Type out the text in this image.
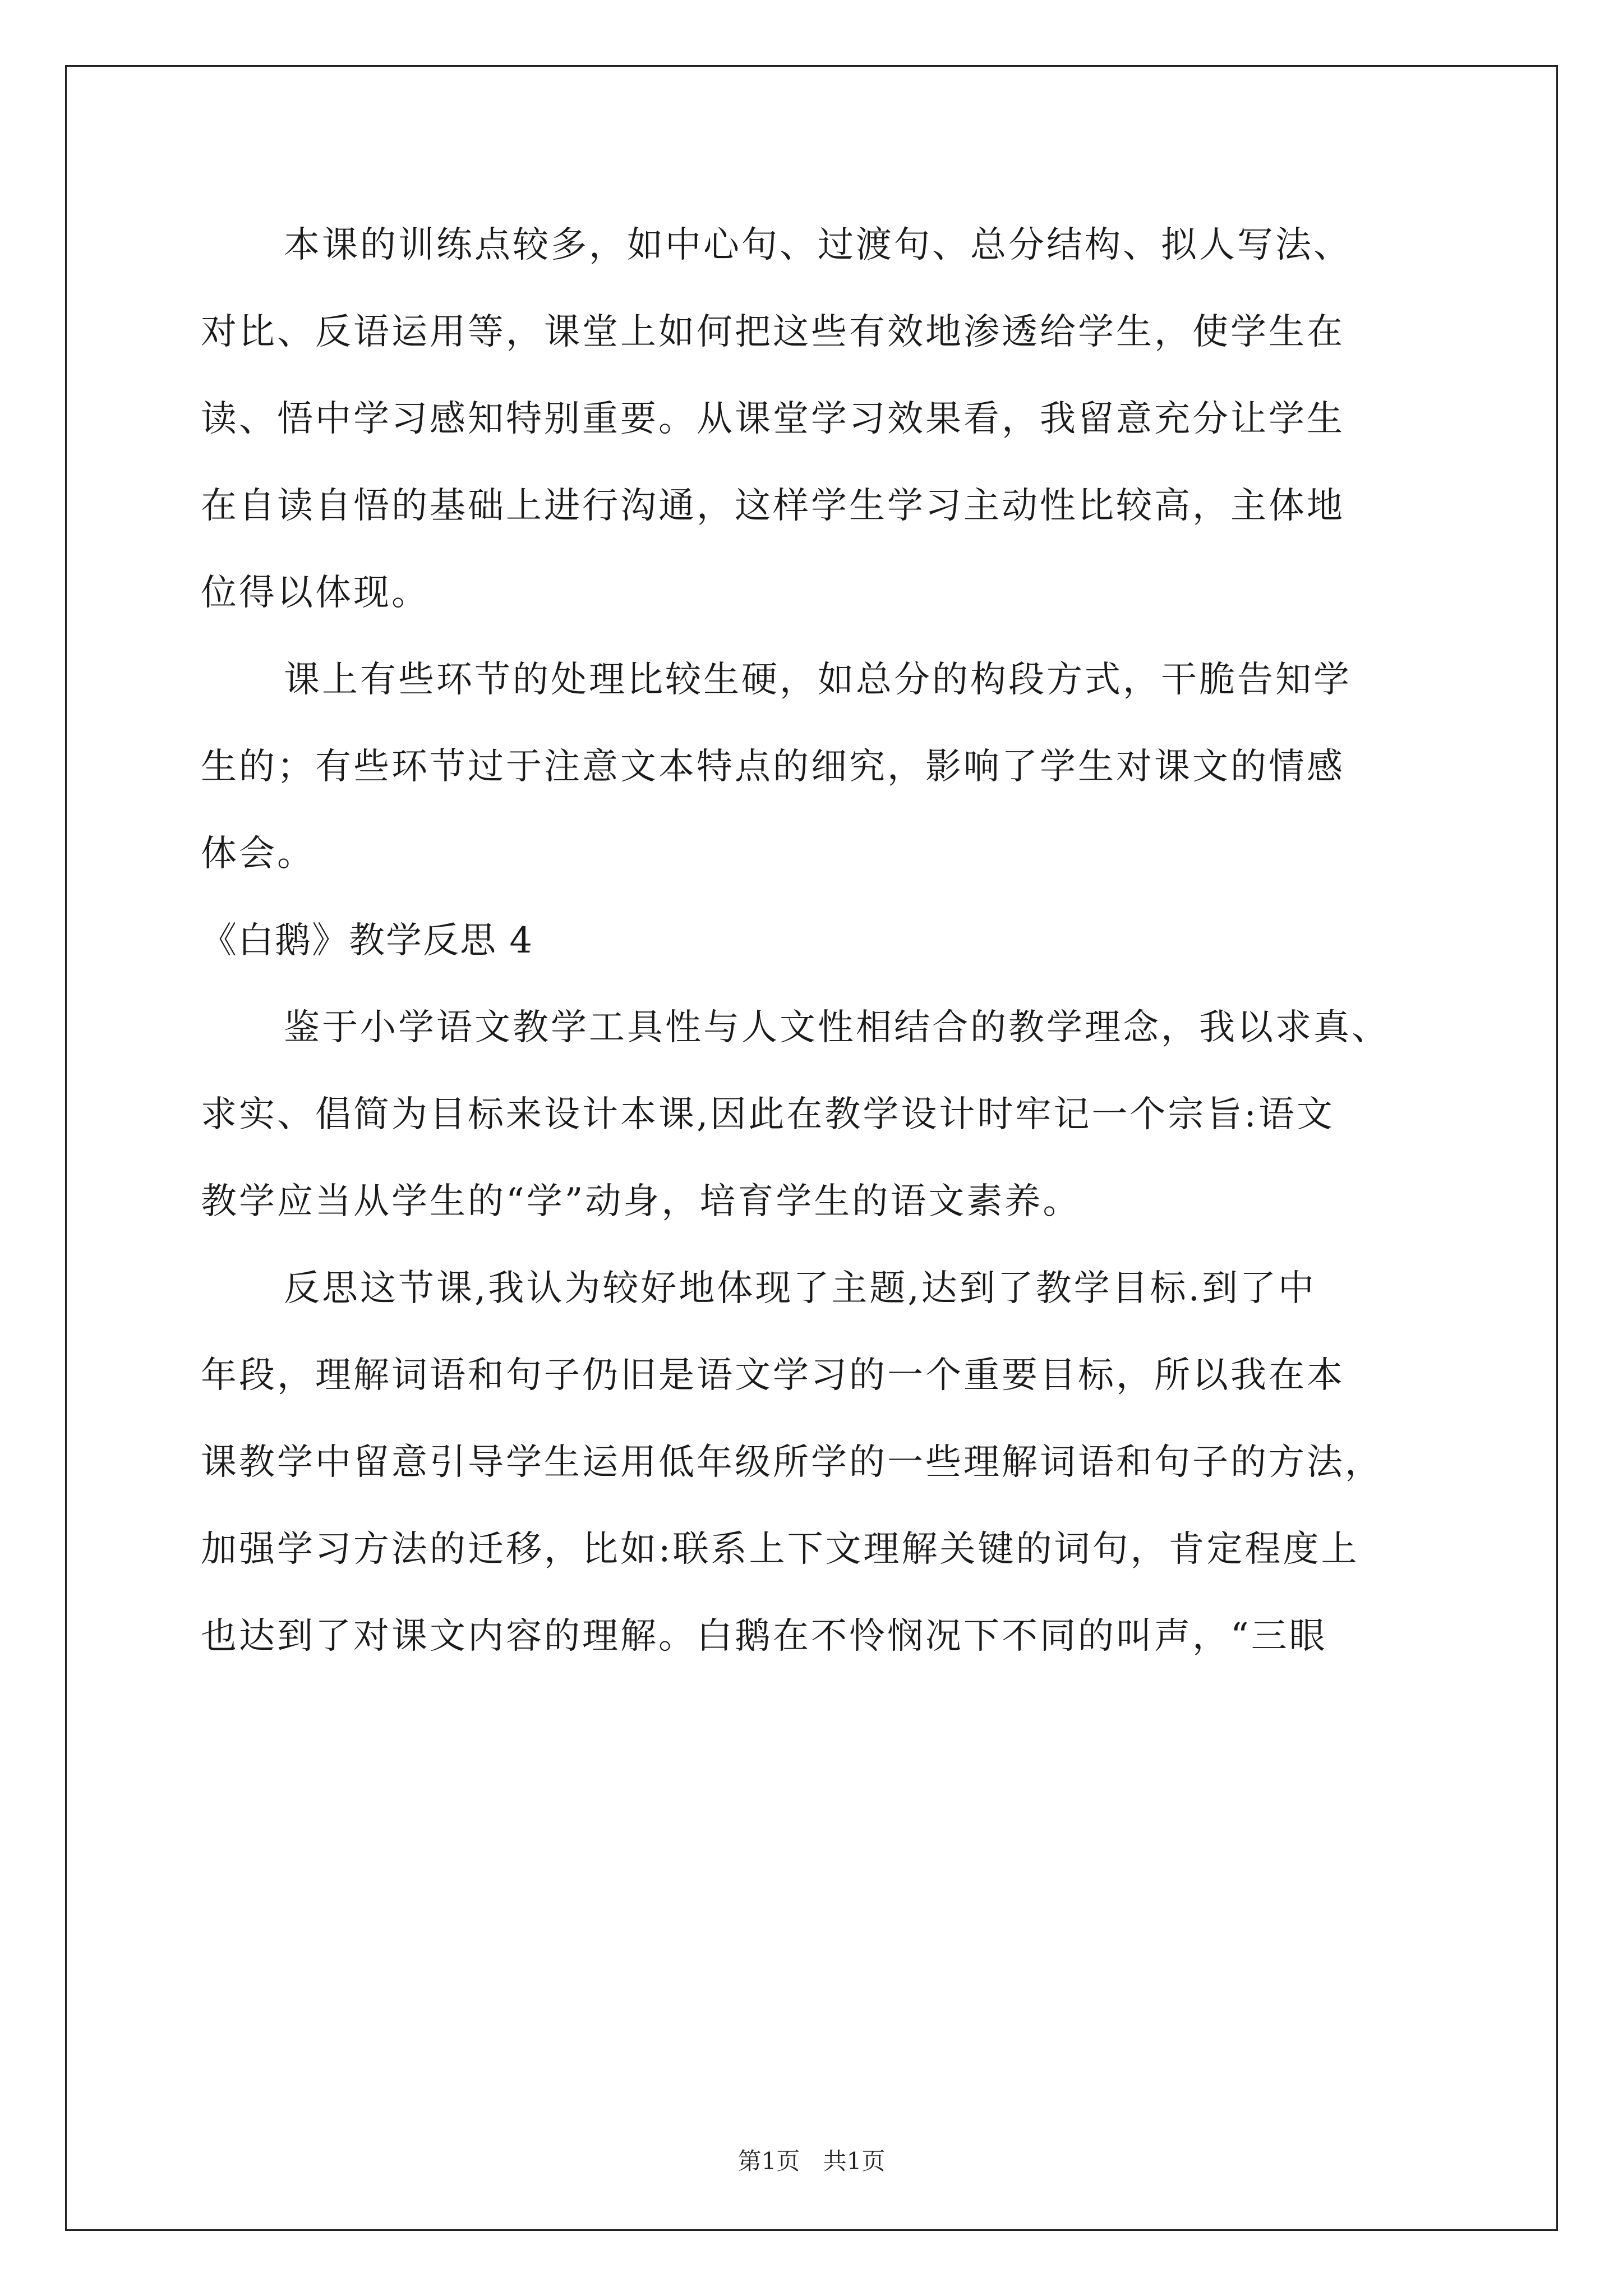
本课的训练点较多，如中心句、过渡句、总分结构、拟人写法、
对比、反语运用等，课堂上如何把这些有效地渗透给学生，使学生在
读、悟中学习感知特别重要。从课堂学习效果看，我留意充分让学生
在自读自悟的基础上进行沟通，这样学生学习主动性比较高，主体地
位得以体现。
课上有些环节的处理比较生硬，如总分的构段方式，干脆告知学
生的；有些环节过于注意文本特点的细究，影响了学生对课文的情感
体会。
《白鹅》教学反思 4
鉴于小学语文教学工具性与人文性相结合的教学理念，我以求真、
求实、倡简为目标来设计本课,因此在教学设计时牢记一个宗旨:语文
教学应当从学生的“学”动身，培育学生的语文素养。
反思这节课,我认为较好地体现了主题,达到了教学目标.到了中
年段，理解词语和句子仍旧是语文学习的一个重要目标，所以我在本
课教学中留意引导学生运用低年级所学的一些理解词语和句子的方法，
加强学习方法的迁移，比如:联系上下文理解关键的词句，肯定程度上
也达到了对课文内容的理解。白鹅在不怜悯况下不同的叫声，“三眼
第1页 共1页
